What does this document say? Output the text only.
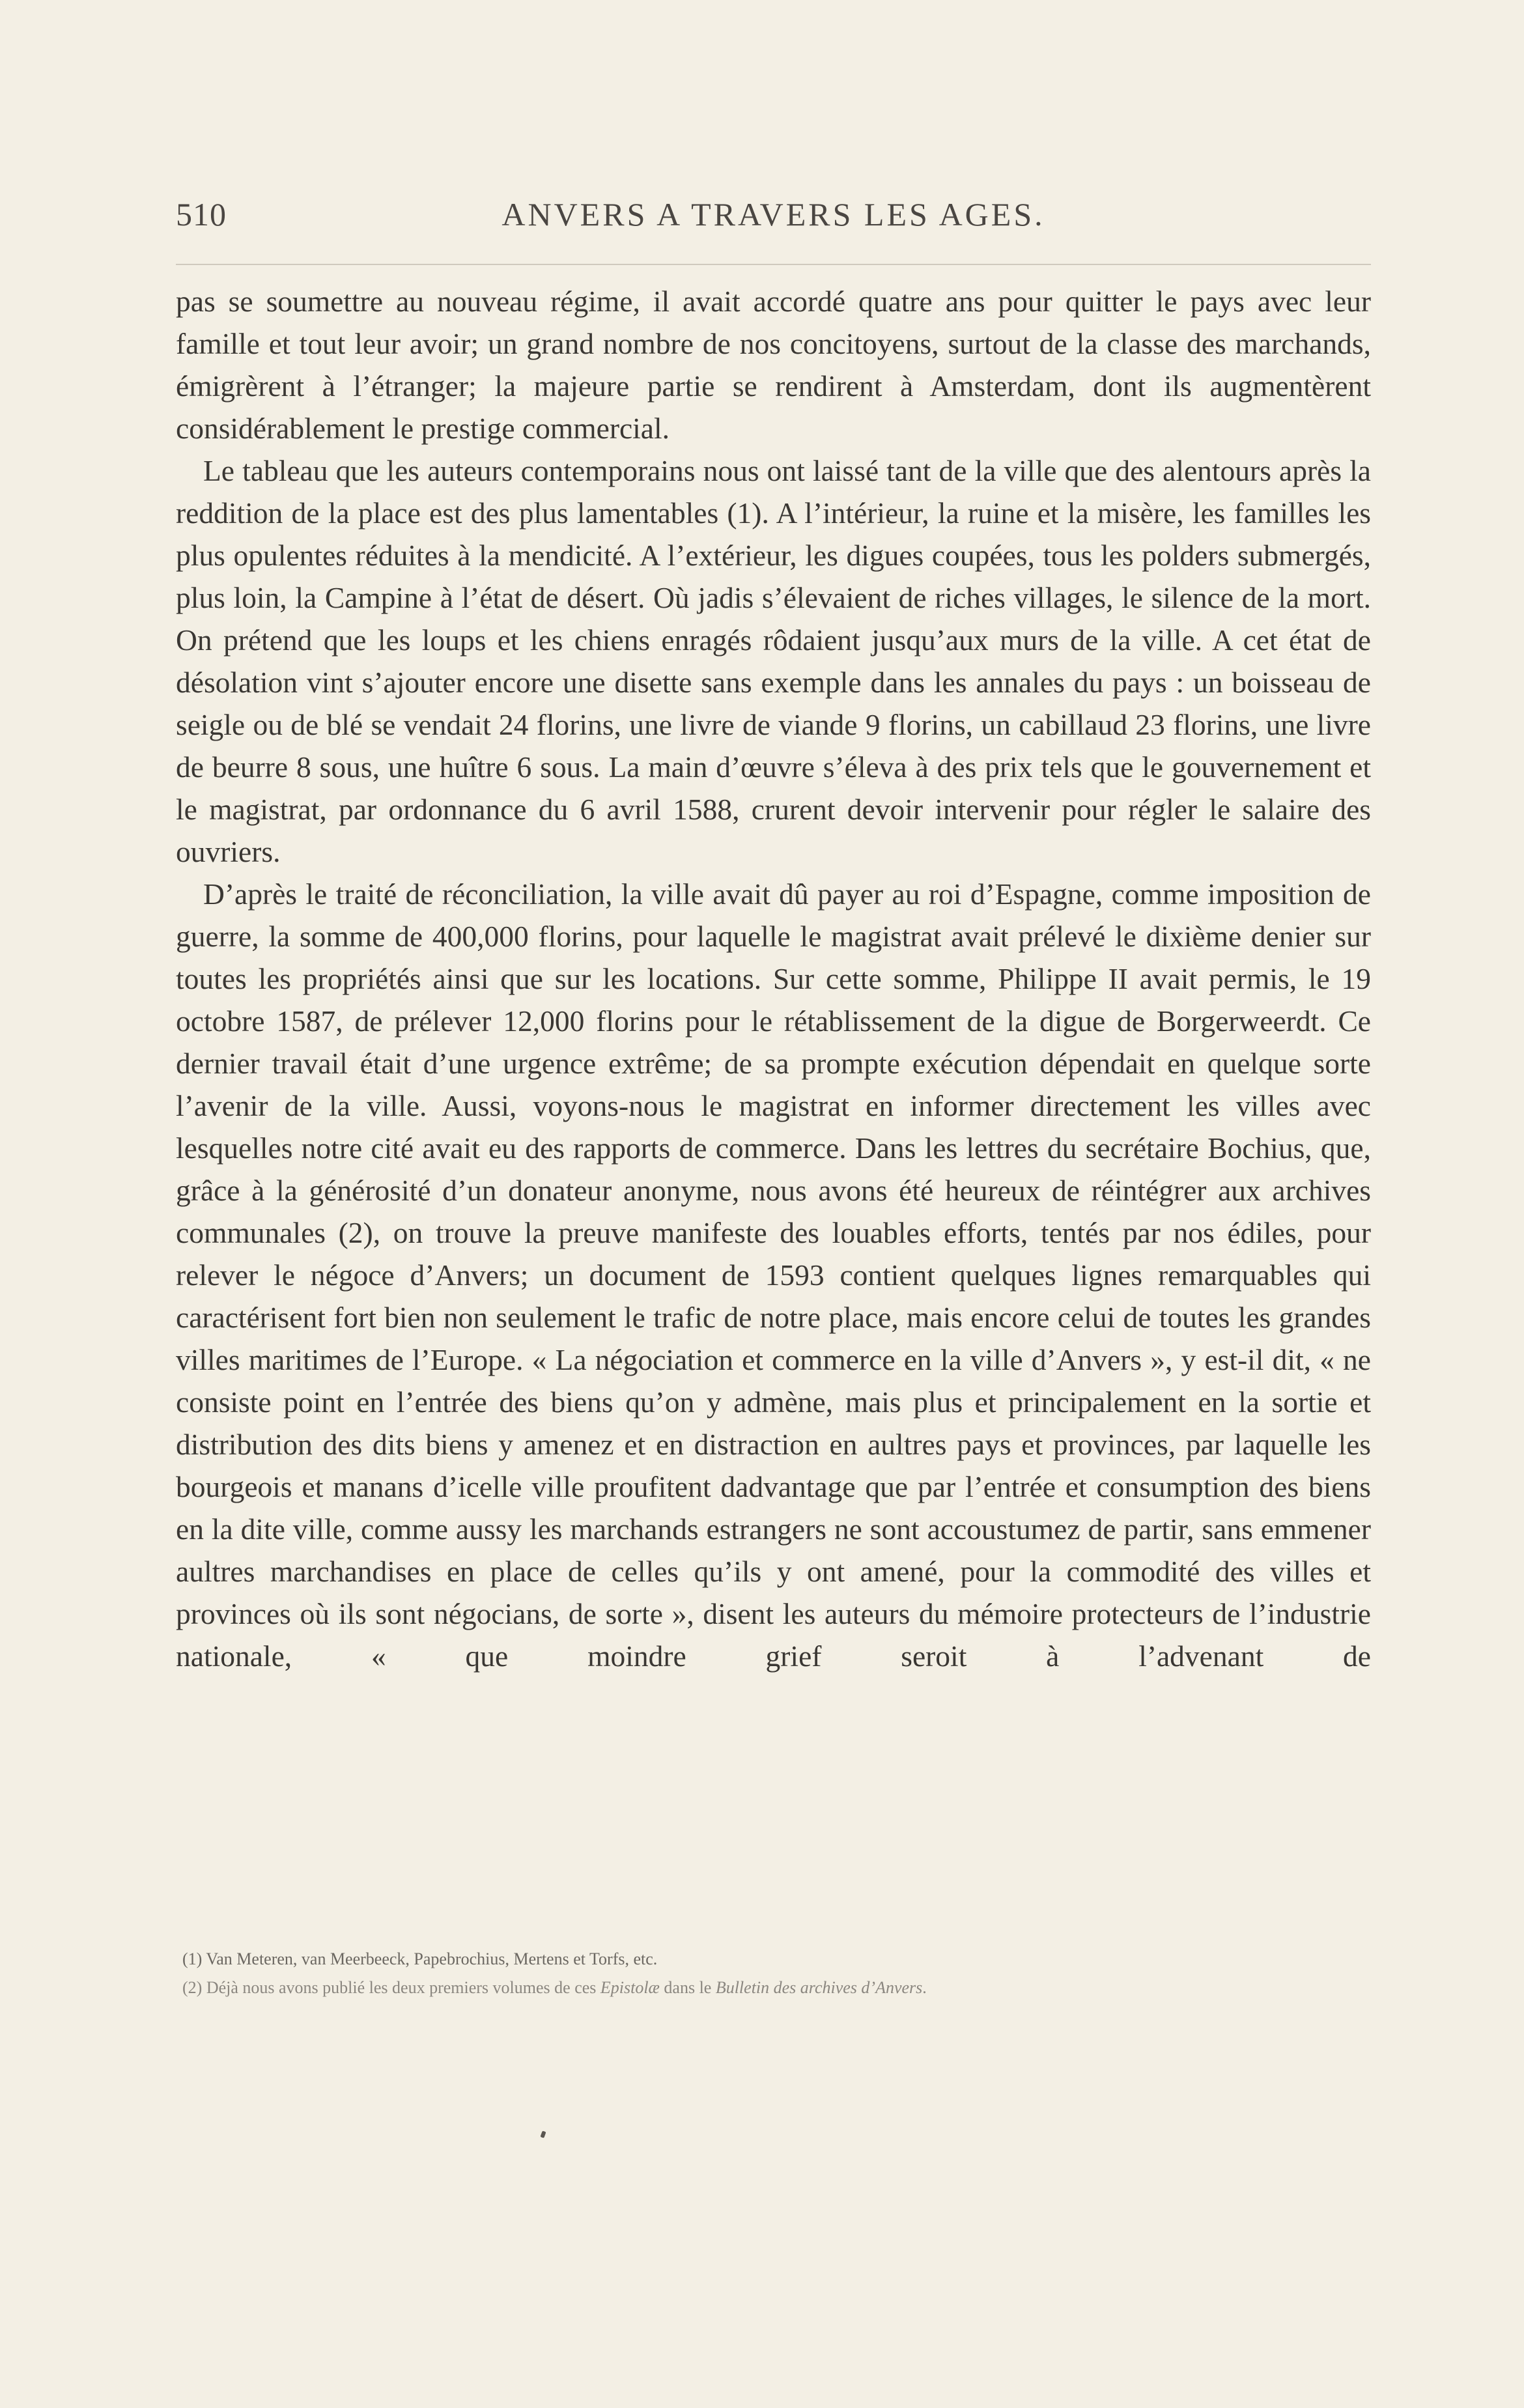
510	ANVERS A TRAVERS LES AGES.

pas se soumettre au nouveau régime, il avait accordé quatre ans pour quitter le pays avec leur famille et tout leur avoir; un grand nombre de nos concitoyens, surtout de la classe des marchands, émigrèrent à l’étranger; la majeure partie se rendirent à Amsterdam, dont ils augmentèrent considérablement le prestige commercial.

Le tableau que les auteurs contemporains nous ont laissé tant de la ville que des alentours après la reddition de la place est des plus lamentables (1). A l’intérieur, la ruine et la misère, les familles les plus opulentes réduites à la mendicité. A l’extérieur, les digues coupées, tous les polders submergés, plus loin, la Campine à l’état de désert. Où jadis s’élevaient de riches villages, le silence de la mort. On prétend que les loups et les chiens enragés rôdaient jusqu’aux murs de la ville. A cet état de désolation vint s’ajouter encore une disette sans exemple dans les annales du pays : un boisseau de seigle ou de blé se vendait 24 florins, une livre de viande 9 florins, un cabillaud 23 florins, une livre de beurre 8 sous, une huître 6 sous. La main d’œuvre s’éleva à des prix tels que le gouvernement et le magistrat, par ordonnance du 6 avril 1588, crurent devoir intervenir pour régler le salaire des ouvriers.

D’après le traité de réconciliation, la ville avait dû payer au roi d’Espagne, comme imposition de guerre, la somme de 400,000 florins, pour laquelle le magistrat avait prélevé le dixième denier sur toutes les propriétés ainsi que sur les locations. Sur cette somme, Philippe II avait permis, le 19 octobre 1587, de prélever 12,000 florins pour le rétablissement de la digue de Borgerweerdt. Ce dernier travail était d’une urgence extrême; de sa prompte exécution dépendait en quelque sorte l’avenir de la ville. Aussi, voyons-nous le magistrat en informer directement les villes avec lesquelles notre cité avait eu des rapports de commerce. Dans les lettres du secrétaire Bochius, que, grâce à la générosité d’un donateur anonyme, nous avons été heureux de réintégrer aux archives communales (2), on trouve la preuve manifeste des louables efforts, tentés par nos édiles, pour relever le négoce d’Anvers; un document de 1593 contient quelques lignes remarquables qui caractérisent fort bien non seulement le trafic de notre place, mais encore celui de toutes les grandes villes maritimes de l’Europe. « La négociation et commerce en la ville d’Anvers », y est-il dit, « ne consiste point en l’entrée des biens qu’on y admène, mais plus et principalement en la sortie et distribution des dits biens y amenez et en distraction en aultres pays et provinces, par laquelle les bourgeois et manans d’icelle ville proufitent dadvantage que par l’entrée et consumption des biens en la dite ville, comme aussy les marchands estrangers ne sont accoustumez de partir, sans emmener aultres marchandises en place de celles qu’ils y ont amené, pour la commodité des villes et provinces où ils sont négocians, de sorte », disent les auteurs du mémoire protecteurs de l’industrie nationale, « que moindre grief seroit à l’advenant de

(1) Van Meteren, van Meerbeeck, Papebrochius, Mertens et Torfs, etc.

(2) Déjà nous avons publié les deux premiers volumes de ces Epistolæ dans le Bulletin des archives d’Anvers.
